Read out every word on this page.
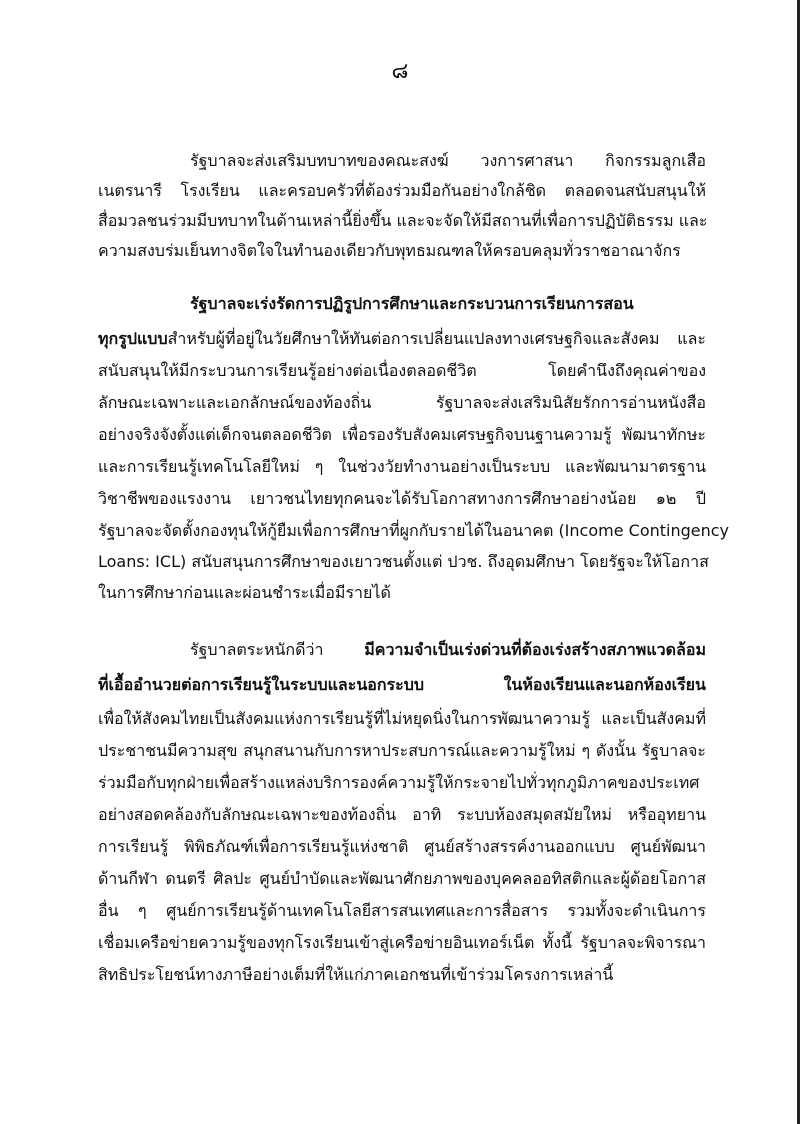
๘
รัฐบาลจะส่งเสริมบทบาทของคณะสงฆ์ วงการศาสนา กิจกรรมลูกเสือ
เนตรนารี โรงเรียน และครอบครัวที่ต้องร่วมมือกันอย่างใกล้ชิด ตลอดจนสนับสนุนให้
สื่อมวลชนร่วมมีบทบาทในด้านเหล่านี้ยิ่งขึ้น และจะจัดให้มีสถานที่เพื่อการปฏิบัติธรรม และ
ความสงบร่มเย็นทางจิตใจในทำนองเดียวกับพุทธมณฑลให้ครอบคลุมทั่วราชอาณาจักร
รัฐบาลจะเร่งรัดการปฏิรูปการศึกษาและกระบวนการเรียนการสอน
ทุกรูปแบบสำหรับผู้ที่อยู่ในวัยศึกษาให้ทันต่อการเปลี่ยนแปลงทางเศรษฐกิจและสังคม และ
สนับสนุนให้มีกระบวนการเรียนรู้อย่างต่อเนื่องตลอดชีวิต โดยคำนึงถึงคุณค่าของ
ลักษณะเฉพาะและเอกลักษณ์ของท้องถิ่น รัฐบาลจะส่งเสริมนิสัยรักการอ่านหนังสือ
อย่างจริงจังตั้งแต่เด็กจนตลอดชีวิต เพื่อรองรับสังคมเศรษฐกิจบนฐานความรู้ พัฒนาทักษะ
และการเรียนรู้เทคโนโลยีใหม่ ๆ ในช่วงวัยทำงานอย่างเป็นระบบ และพัฒนามาตรฐาน
วิชาชีพของแรงงาน เยาวชนไทยทุกคนจะได้รับโอกาสทางการศึกษาอย่างน้อย ๑๒ ปี
รัฐบาลจะจัดตั้งกองทุนให้กู้ยืมเพื่อการศึกษาที่ผูกกับรายได้ในอนาคต (Income Contingency
Loans: ICL) สนับสนุนการศึกษาของเยาวชนตั้งแต่ ปวช. ถึงอุดมศึกษา โดยรัฐจะให้โอกาส
ในการศึกษาก่อนและผ่อนชำระเมื่อมีรายได้
รัฐบาลตระหนักดีว่า มีความจำเป็นเร่งด่วนที่ต้องเร่งสร้างสภาพแวดล้อม
ที่เอื้ออำนวยต่อการเรียนรู้ในระบบและนอกระบบ ในห้องเรียนและนอกห้องเรียน
เพื่อให้สังคมไทยเป็นสังคมแห่งการเรียนรู้ที่ไม่หยุดนิ่งในการพัฒนาความรู้ และเป็นสังคมที่
ประชาชนมีความสุข สนุกสนานกับการหาประสบการณ์และความรู้ใหม่ ๆ ดังนั้น รัฐบาลจะ
ร่วมมือกับทุกฝ่ายเพื่อสร้างแหล่งบริการองค์ความรู้ให้กระจายไปทั่วทุกภูมิภาคของประเทศ
อย่างสอดคล้องกับลักษณะเฉพาะของท้องถิ่น อาทิ ระบบห้องสมุดสมัยใหม่ หรืออุทยาน
การเรียนรู้ พิพิธภัณฑ์เพื่อการเรียนรู้แห่งชาติ ศูนย์สร้างสรรค์งานออกแบบ ศูนย์พัฒนา
ด้านกีฬา ดนตรี ศิลปะ ศูนย์บำบัดและพัฒนาศักยภาพของบุคคลออทิสติกและผู้ด้อยโอกาส
อื่น ๆ ศูนย์การเรียนรู้ด้านเทคโนโลยีสารสนเทศและการสื่อสาร รวมทั้งจะดำเนินการ
เชื่อมเครือข่ายความรู้ของทุกโรงเรียนเข้าสู่เครือข่ายอินเทอร์เน็ต ทั้งนี้ รัฐบาลจะพิจารณา
สิทธิประโยชน์ทางภาษีอย่างเต็มที่ให้แก่ภาคเอกชนที่เข้าร่วมโครงการเหล่านี้
